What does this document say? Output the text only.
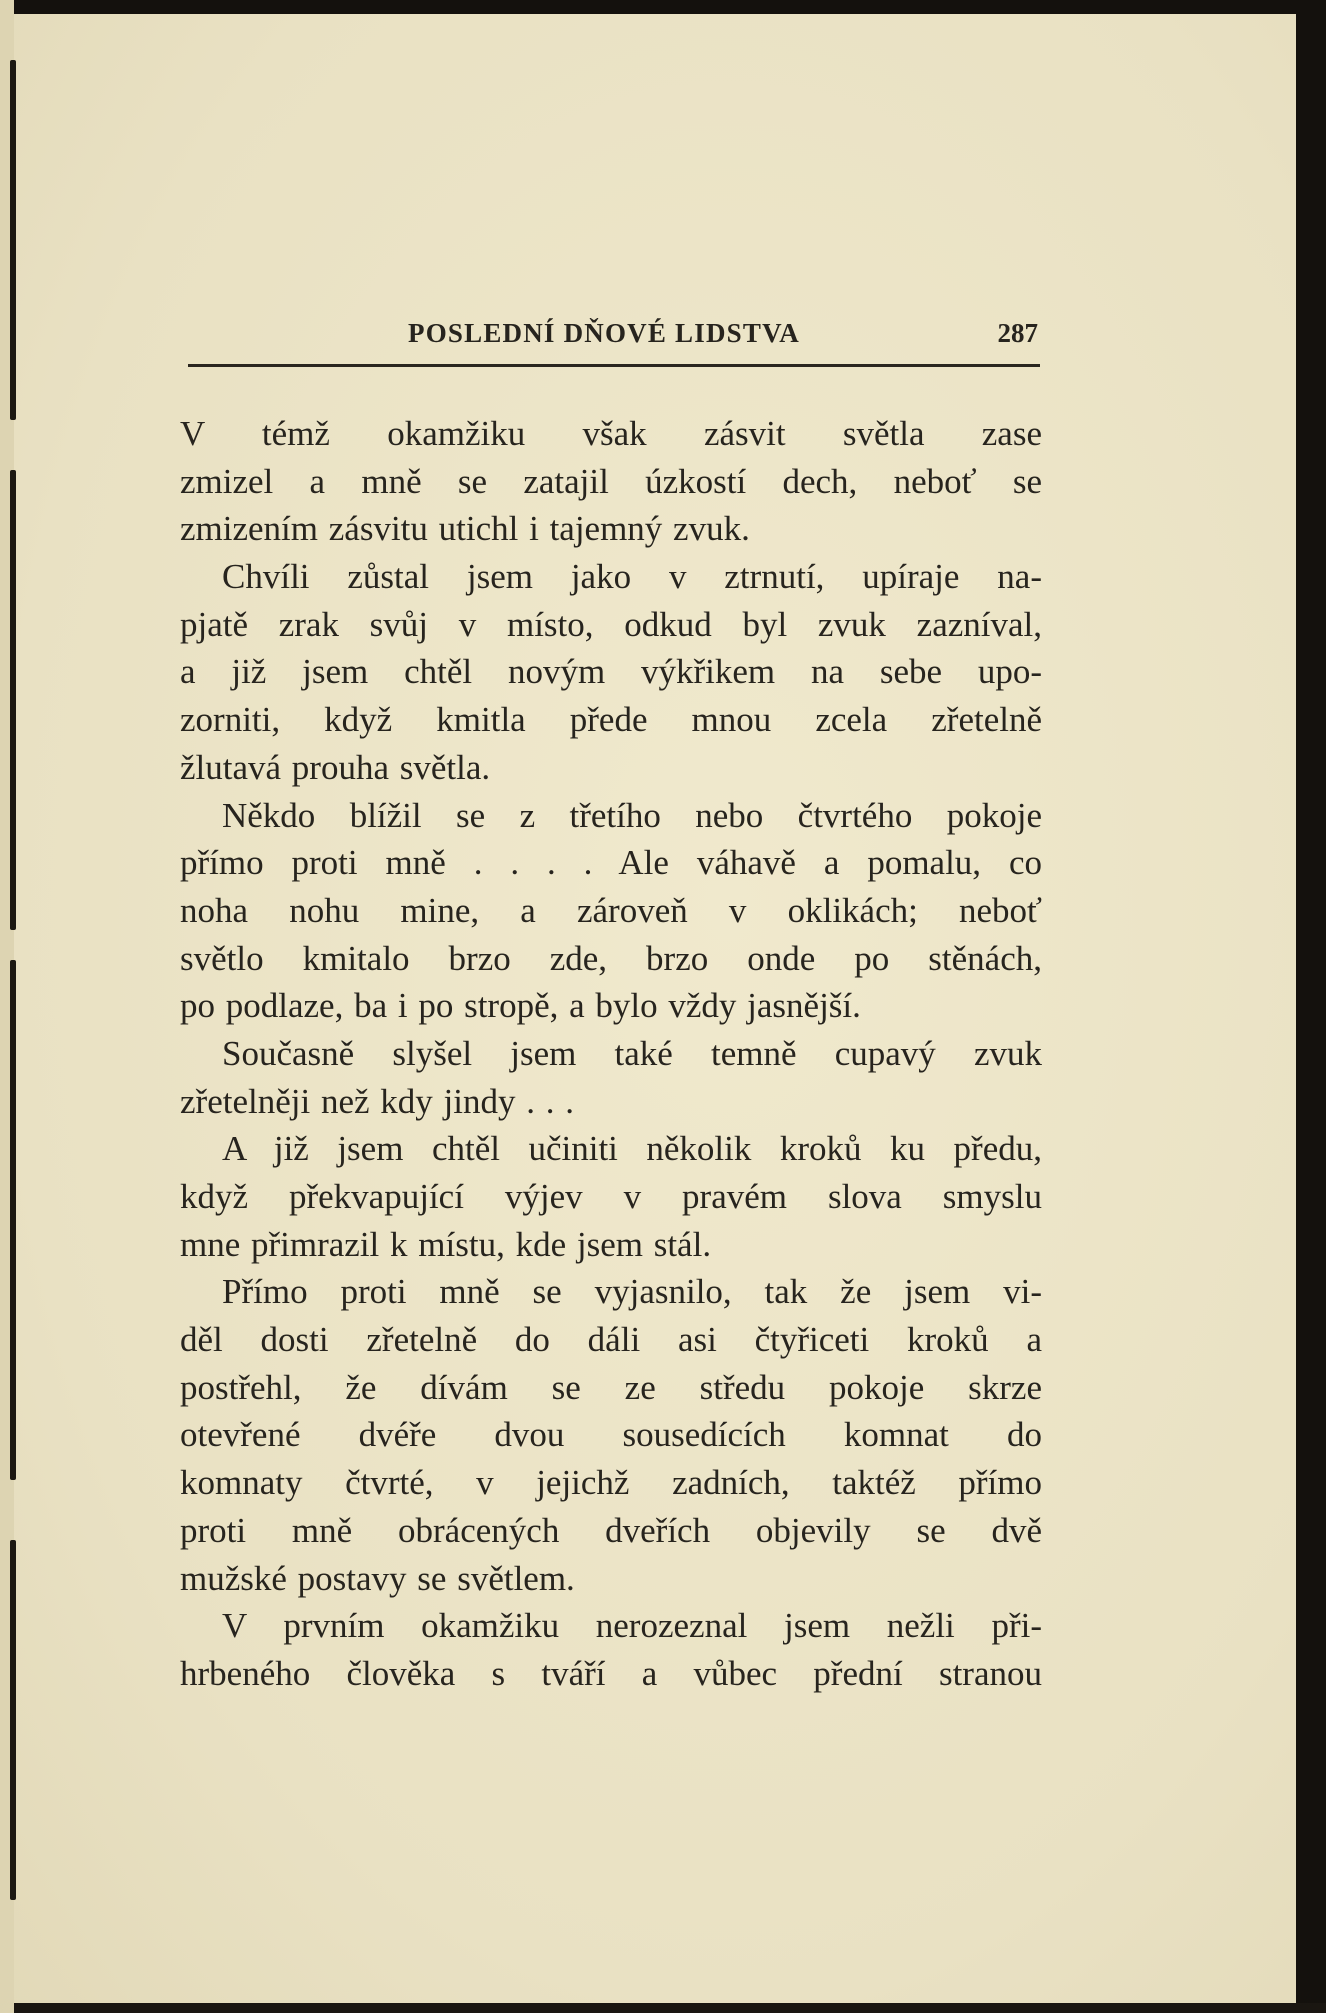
POSLEDNÍ DŇOVÉ LIDSTVA	287
V témž okamžiku však zásvit světla zase
zmizel a mně se zatajil úzkostí dech, neboť se
zmizením zásvitu utichl i tajemný zvuk.
Chvíli zůstal jsem jako v ztrnutí, upíraje na-
pjatě zrak svůj v místo, odkud byl zvuk zazníval,
a již jsem chtěl novým výkřikem na sebe upo-
zorniti, když kmitla přede mnou zcela zřetelně
žlutavá prouha světla.
Někdo blížil se z třetího nebo čtvrtého pokoje
přímo proti mně . . . . Ale váhavě a pomalu, co
noha nohu mine, a zároveň v oklikách; neboť
světlo kmitalo brzo zde, brzo onde po stěnách,
po podlaze, ba i po stropě, a bylo vždy jasnější.
Současně slyšel jsem také temně cupavý zvuk
zřetelněji než kdy jindy . . .
A již jsem chtěl učiniti několik kroků ku předu,
když překvapující výjev v pravém slova smyslu
mne přimrazil k místu, kde jsem stál.
Přímo proti mně se vyjasnilo, tak že jsem vi-
děl dosti zřetelně do dáli asi čtyřiceti kroků a
postřehl, že dívám se ze středu pokoje skrze
otevřené dvéře dvou sousedících komnat do
komnaty čtvrté, v jejichž zadních, taktéž přímo
proti mně obrácených dveřích objevily se dvě
mužské postavy se světlem.
V prvním okamžiku nerozeznal jsem nežli při-
hrbeného člověka s tváří a vůbec přední stranou
